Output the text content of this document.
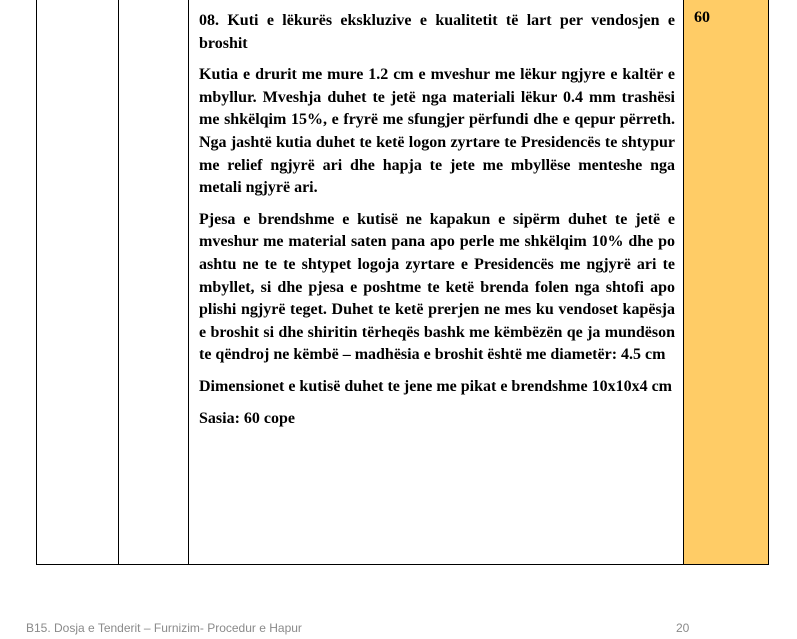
08. Kuti e lëkurës ekskluzive e kualitetit të lart per vendosjen e broshit

Kutia e drurit me mure 1.2 cm e mveshur me lëkur ngjyre e kaltër e mbyllur. Mveshja duhet te jetë nga materiali lëkur 0.4 mm trashësi me shkëlqim 15%, e fryrë me sfungjer përfundi dhe e qepur përreth. Nga jashtë kutia duhet te ketë logon zyrtare te Presidencës te shtypur me relief ngjyrë ari dhe hapja te jete me mbyllëse menteshe nga metali ngjyrë ari.

Pjesa e brendshme e kutisë ne kapakun e sipërm duhet te jetë e mveshur me material saten pana apo perle me shkëlqim 10% dhe po ashtu ne te te shtypet logoja zyrtare e Presidencës me ngjyrë ari te mbyllet, si dhe pjesa e poshtme te ketë brenda folen nga shtofi apo plishi ngjyrë teget. Duhet te ketë prerjen ne mes ku vendoset kapësja e broshit si dhe shiritin tërheqës bashk me këmbëzën qe ja mundëson te qëndroj ne këmbë – madhësia e broshit është me diametër: 4.5 cm

Dimensionet e kutisë duhet te jene me pikat e brendshme 10x10x4 cm

Sasia: 60 cope

60
B15. Dosja e Tenderit – Furnizim- Procedur e Hapur	20
